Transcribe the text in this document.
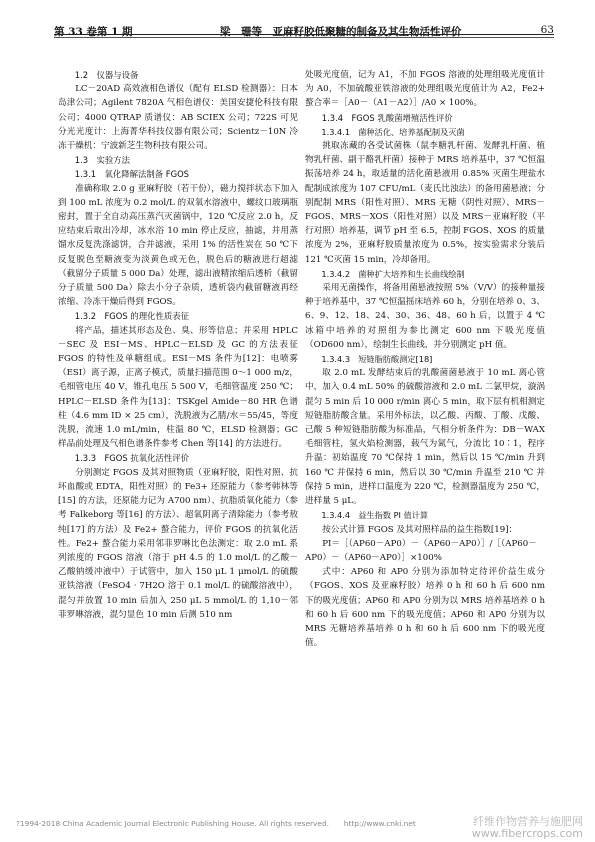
第 33 卷第 1 期	梁　珊等　亚麻籽胶低聚糖的制备及其生物活性评价	63

1.2　仪器与设备

LC－20AD 高效液相色谱仪（配有 ELSD 检测器）：日本岛津公司；Agilent 7820A 气相色谱仪：美国安捷伦科技有限公司；4000 QTRAP 质谱仪：AB SCIEX 公司；722S 可见分光光度计：上海菁华科技仪器有限公司；Scientz－10N 冷冻干燥机：宁波新芝生物科技有限公司。

1.3　实验方法

1.3.1　氧化降解法制备 FGOS

准确称取 2.0 g 亚麻籽胶（若干份），磁力搅拌状态下加入到 100 mL 浓度为 0.2 mol/L 的双氧水溶液中，螺纹口玻璃瓶密封，置于全自动高压蒸汽灭菌锅中，120 ℃反应 2.0 h，反应结束后取出冷却，冰水浴 10 min 停止反应，抽滤，并用蒸馏水反复洗涤滤饼，合并滤液，采用 1% 的活性炭在 50 ℃下反复脱色至糖液变为淡黄色或无色，脱色后的糖液进行超滤（截留分子质量 5 000 Da）处理，滤出液精浓缩后透析（截留分子质量 500 Da）除去小分子杂质，透析袋内截留糖液再经浓缩、冷冻干燥后得到 FGOS。

1.3.2　FGOS 的理化性质表征

将产品，描述其形态及色、臭、形等信息；并采用 HPLC－SEC 及 ESI－MS、HPLC－ELSD 及 GC 的方法表征 FGOS 的特性及单糖组成。ESI－MS 条件为[12]：电喷雾（ESI）离子源，正离子模式，质量扫描范围 0～1 000 m/z，毛细管电压 40 V，锥孔电压 5 500 V，毛细管温度 250 ℃；HPLC－ELSD 条件为[13]：TSKgel Amide－80 HR 色谱柱（4.6 mm ID × 25 cm），洗脱液为乙腈/水＝55/45，等度洗脱，流速 1.0 mL/min，柱温 80 ℃，ELSD 检测器；GC 样品前处理及气相色谱条件参考 Chen 等[14] 的方法进行。

1.3.3　FGOS 抗氧化活性评价

分别测定 FGOS 及其对照物质（亚麻籽胶，阳性对照、抗坏血酸或 EDTA，阳性对照）的 Fe3+ 还原能力（参考韩林等[15] 的方法，还原能力记为 A700 nm）、抗脂质氧化能力（参考 Falkeborg 等[16] 的方法）、超氧阴离子清除能力（参考敖纯[17] 的方法）及 Fe2+ 螯合能力，评价 FGOS 的抗氧化活性。Fe2+ 螯合能力采用邻菲罗啉比色法测定：取 2.0 mL 系列浓度的 FGOS 溶液（溶于 pH 4.5 的 1.0 mol/L 的乙酸－乙酸钠缓冲液中）于试管中，加入 150 μL 1 μmol/L 的硫酸亚铁溶液（FeSO4 · 7H2O 溶于 0.1 mol/L 的硫酸溶液中），混匀并放置 10 min 后加入 250 μL 5 mmol/L 的 1,10－邻菲罗啉溶液，混匀显色 10 min 后测 510 nm

处吸光度值，记为 A1，不加 FGOS 溶液的处理组吸光度值计为 A0，不加硫酸亚铁溶液的处理组吸光度值计为 A2，Fe2+ 螯合率＝［A0－（A1－A2）］/A0 × 100%。

1.3.4　FGOS 乳酸菌增殖活性评价

1.3.4.1　菌种活化、培养基配制及灭菌

挑取冻藏的各受试菌株（鼠李糖乳杆菌、发酵乳杆菌、植物乳杆菌、副干酪乳杆菌）接种于 MRS 培养基中，37 ℃恒温振荡培养 24 h，取适量的活化菌悬液用 0.85% 灭菌生理盐水配制成浓度为 107 CFU/mL（麦氏比浊法）的备用菌悬液；分别配制 MRS（阳性对照）、MRS 无糖（阴性对照）、MRS－FGOS、MRS－XOS（阳性对照）以及 MRS－亚麻籽胶（平行对照）培养基，调节 pH 至 6.5，控制 FGOS、XOS 的质量浓度为 2%，亚麻籽胶质量浓度为 0.5%，按实验需求分装后 121 ℃灭菌 15 min，冷却备用。

1.3.4.2　菌种扩大培养和生长曲线绘制

采用无菌操作，将备用菌悬液按照 5%（V/V）的接种量接种于培养基中，37 ℃恒温摇床培养 60 h，分别在培养 0、3、6、9、12、18、24、30、36、48、60 h 后，以置于 4 ℃ 冰箱中培养的对照组为参比测定 600 nm 下吸光度值（OD600 nm），绘制生长曲线，并分别测定 pH 值。

1.3.4.3　短链脂肪酸测定[18]

取 2.0 mL 发酵结束后的乳酸菌菌悬液于 10 mL 离心管中，加入 0.4 mL 50% 的硫酸溶液和 2.0 mL 二氯甲烷，漩涡混匀 5 min 后 10 000 r/min 离心 5 min，取下层有机相测定短链脂肪酸含量。采用外标法，以乙酸、丙酸、丁酸、戊酸、己酸 5 种短链脂肪酸为标准品，气相分析条件为：DB－WAX 毛细管柱，氢火焰检测器，载气为氮气，分流比 10∶1，程序升温：初始温度 70 ℃保持 1 min，然后以 15 ℃/min 升到 160 ℃ 并保持 6 min，然后以 30 ℃/min 升温至 210 ℃ 并保持 5 min，进样口温度为 220 ℃，检测器温度为 250 ℃，进样量 5 μL。

1.3.4.4　益生指数 PI 值计算

按公式计算 FGOS 及其对照样品的益生指数[19]：

PI＝［（AP60－AP0）－（AP60－AP0）］/［（AP60－AP0）－（AP60－AP0）］×100%

式中：AP60 和 AP0 分别为添加特定待评价益生成分（FGOS、XOS 及亚麻籽胶）培养 0 h 和 60 h 后 600 nm 下的吸光度值；AP60 和 AP0 分别为以 MRS 培养基培养 0 h 和 60 h 后 600 nm 下的吸光度值；AP60 和 AP0 分别为以 MRS 无糖培养基培养 0 h 和 60 h 后 600 nm 下的吸光度值。

?1994-2018 China Academic Journal Electronic Publishing House. All rights reserved.　　http://www.cnki.net	纤维作物营养与施肥网
www.fibercrops.com
